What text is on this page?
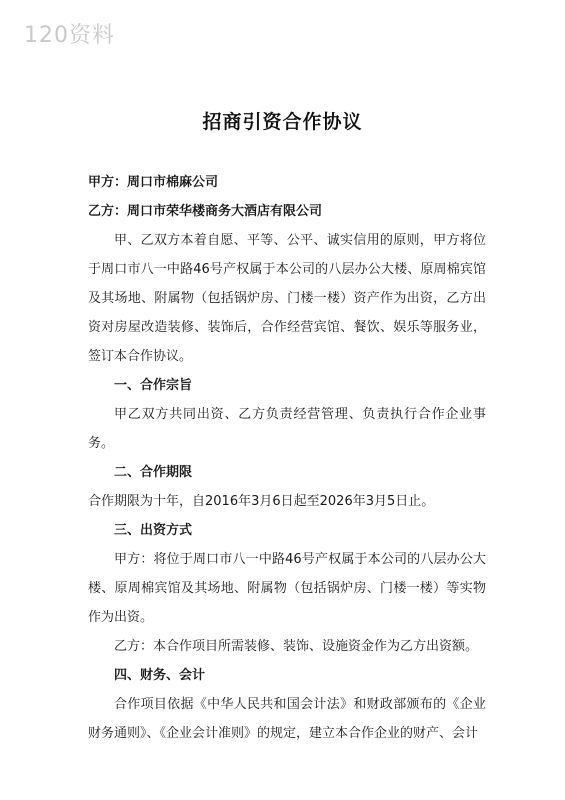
120资料
招商引资合作协议

甲方：周口市棉麻公司

乙方：周口市荣华楼商务大酒店有限公司

甲、乙双方本着自愿、平等、公平、诚实信用的原则，甲方将位于周口市八一中路46号产权属于本公司的八层办公大楼、原周棉宾馆及其场地、附属物（包括锅炉房、门楼一楼）资产作为出资，乙方出资对房屋改造装修、装饰后，合作经营宾馆、餐饮、娱乐等服务业，签订本合作协议。

一、合作宗旨

甲乙双方共同出资、乙方负责经营管理、负责执行合作企业事务。

二、合作期限

合作期限为十年，自2016年3月6日起至2026年3月5日止。

三、出资方式

甲方：将位于周口市八一中路46号产权属于本公司的八层办公大楼、原周棉宾馆及其场地、附属物（包括锅炉房、门楼一楼）等实物作为出资。

乙方：本合作项目所需装修、装饰、设施资金作为乙方出资额。

四、财务、会计

合作项目依据《中华人民共和国会计法》和财政部颁布的《企业财务通则》、《企业会计准则》的规定，建立本合作企业的财产、会计
